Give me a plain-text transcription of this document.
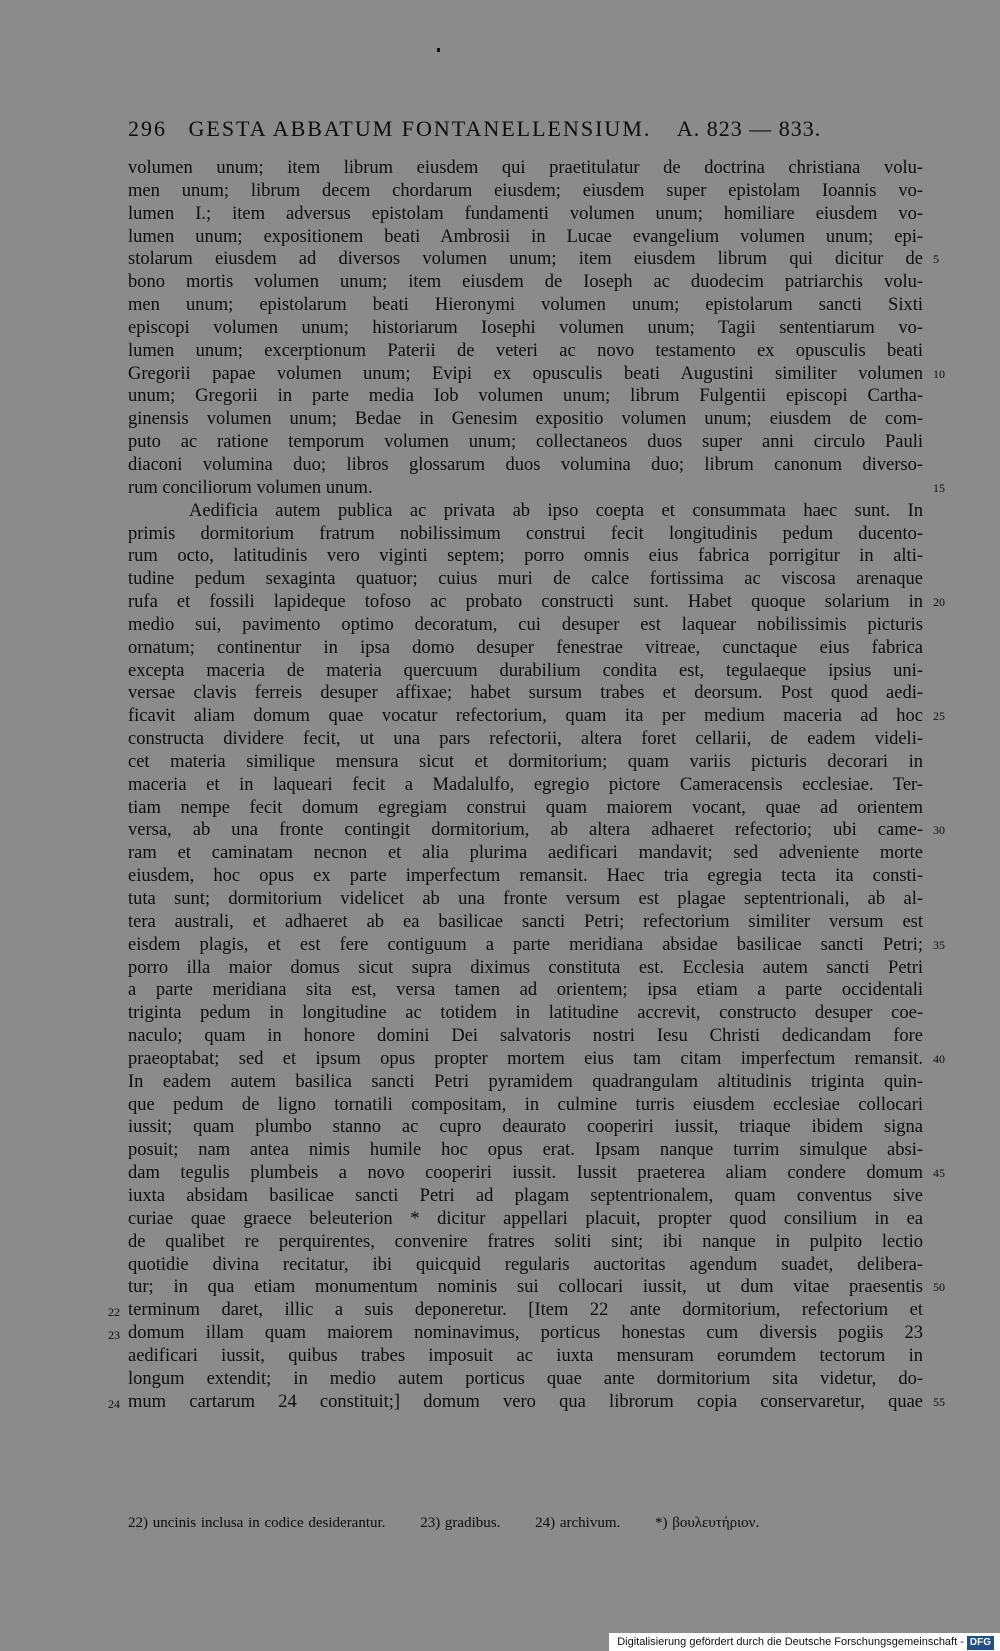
296 GESTA ABBATUM FONTANELLENSIUM. A. 823 — 833.
volumen unum; item librum eiusdem qui praetitulatur de doctrina christiana volu-
men unum; librum decem chordarum eiusdem; eiusdem super epistolam Ioannis vo-
lumen I.; item adversus epistolam fundamenti volumen unum; homiliare eiusdem vo-
lumen unum; expositionem beati Ambrosii in Lucae evangelium volumen unum; epi-
stolarum eiusdem ad diversos volumen unum; item eiusdem librum qui dicitur de 5
bono mortis volumen unum; item eiusdem de Ioseph ac duodecim patriarchis volu-
men unum; epistolarum beati Hieronymi volumen unum; epistolarum sancti Sixti
episcopi volumen unum; historiarum Iosephi volumen unum; Tagii sententiarum vo-
lumen unum; excerptionum Paterii de veteri ac novo testamento ex opusculis beati
Gregorii papae volumen unum; Evipi ex opusculis beati Augustini similiter volumen 10
unum; Gregorii in parte media Iob volumen unum; librum Fulgentii episcopi Cartha-
ginensis volumen unum; Bedae in Genesim expositio volumen unum; eiusdem de com-
puto ac ratione temporum volumen unum; collectaneos duos super anni circulo Pauli
diaconi volumina duo; libros glossarum duos volumina duo; librum canonum diverso-
rum conciliorum volumen unum.	15
Aedificia autem publica ac privata ab ipso coepta et consummata haec sunt. In
primis dormitorium fratrum nobilissimum construi fecit longitudinis pedum ducento-
rum octo, latitudinis vero viginti septem; porro omnis eius fabrica porrigitur in alti-
tudine pedum sexaginta quatuor; cuius muri de calce fortissima ac viscosa arenaque
rufa et fossili lapideque tofoso ac probato constructi sunt. Habet quoque solarium in 20
medio sui, pavimento optimo decoratum, cui desuper est laquear nobilissimis picturis
ornatum; continentur in ipsa domo desuper fenestrae vitreae, cunctaque eius fabrica
excepta maceria de materia quercuum durabilium condita est, tegulaeque ipsius uni-
versae clavis ferreis desuper affixae; habet sursum trabes et deorsum. Post quod aedi-
ficavit aliam domum quae vocatur refectorium, quam ita per medium maceria ad hoc 25
constructa dividere fecit, ut una pars refectorii, altera foret cellarii, de eadem videli-
cet materia similique mensura sicut et dormitorium; quam variis picturis decorari in
maceria et in laqueari fecit a Madalulfo, egregio pictore Cameracensis ecclesiae. Ter-
tiam nempe fecit domum egregiam construi quam maiorem vocant, quae ad orientem
versa, ab una fronte contingit dormitorium, ab altera adhaeret refectorio; ubi came- 30
ram et caminatam necnon et alia plurima aedificari mandavit; sed adveniente morte
eiusdem, hoc opus ex parte imperfectum remansit. Haec tria egregia tecta ita consti-
tuta sunt; dormitorium videlicet ab una fronte versum est plagae septentrionali, ab al-
tera australi, et adhaeret ab ea basilicae sancti Petri; refectorium similiter versum est
eisdem plagis, et est fere contiguum a parte meridiana absidae basilicae sancti Petri; 35
porro illa maior domus sicut supra diximus constituta est. Ecclesia autem sancti Petri
a parte meridiana sita est, versa tamen ad orientem; ipsa etiam a parte occidentali
triginta pedum in longitudine ac totidem in latitudine accrevit, constructo desuper coe-
naculo; quam in honore domini Dei salvatoris nostri Iesu Christi dedicandam fore
praeoptabat; sed et ipsum opus propter mortem eius tam citam imperfectum remansit. 40
In eadem autem basilica sancti Petri pyramidem quadrangulam altitudinis triginta quin-
que pedum de ligno tornatili compositam, in culmine turris eiusdem ecclesiae collocari
iussit; quam plumbo stanno ac cupro deaurato cooperiri iussit, triaque ibidem signa
posuit; nam antea nimis humile hoc opus erat. Ipsam nanque turrim simulque absi-
dam tegulis plumbeis a novo cooperiri iussit. Iussit praeterea aliam condere domum 45
iuxta absidam basilicae sancti Petri ad plagam septentrionalem, quam conventus sive
curiae quae graece beleuterion * dicitur appellari placuit, propter quod consilium in ea
de qualibet re perquirentes, convenire fratres soliti sint; ibi nanque in pulpito lectio
quotidie divina recitatur, ibi quicquid regularis auctoritas agendum suadet, delibera-
tur; in qua etiam monumentum nominis sui collocari iussit, ut dum vitae praesentis 50
terminum daret, illic a suis deponeretur. [Item 22 ante dormitorium, refectorium et
22
domum illam quam maiorem nominavimus, porticus honestas cum diversis pogiis 23
23
aedificari iussit, quibus trabes imposuit ac iuxta mensuram eorumdem tectorum in
longum extendit; in medio autem porticus quae ante dormitorium sita videtur, do-
mum cartarum 24 constituit;] domum vero qua librorum copia conservaretur, quae 55
24
22) uncinis inclusa in codice desiderantur. 23) gradibus. 24) archivum. *) βουλευτήριον.
Digitalisierung gefördert durch die Deutsche Forschungsgemeinschaft - DFG
